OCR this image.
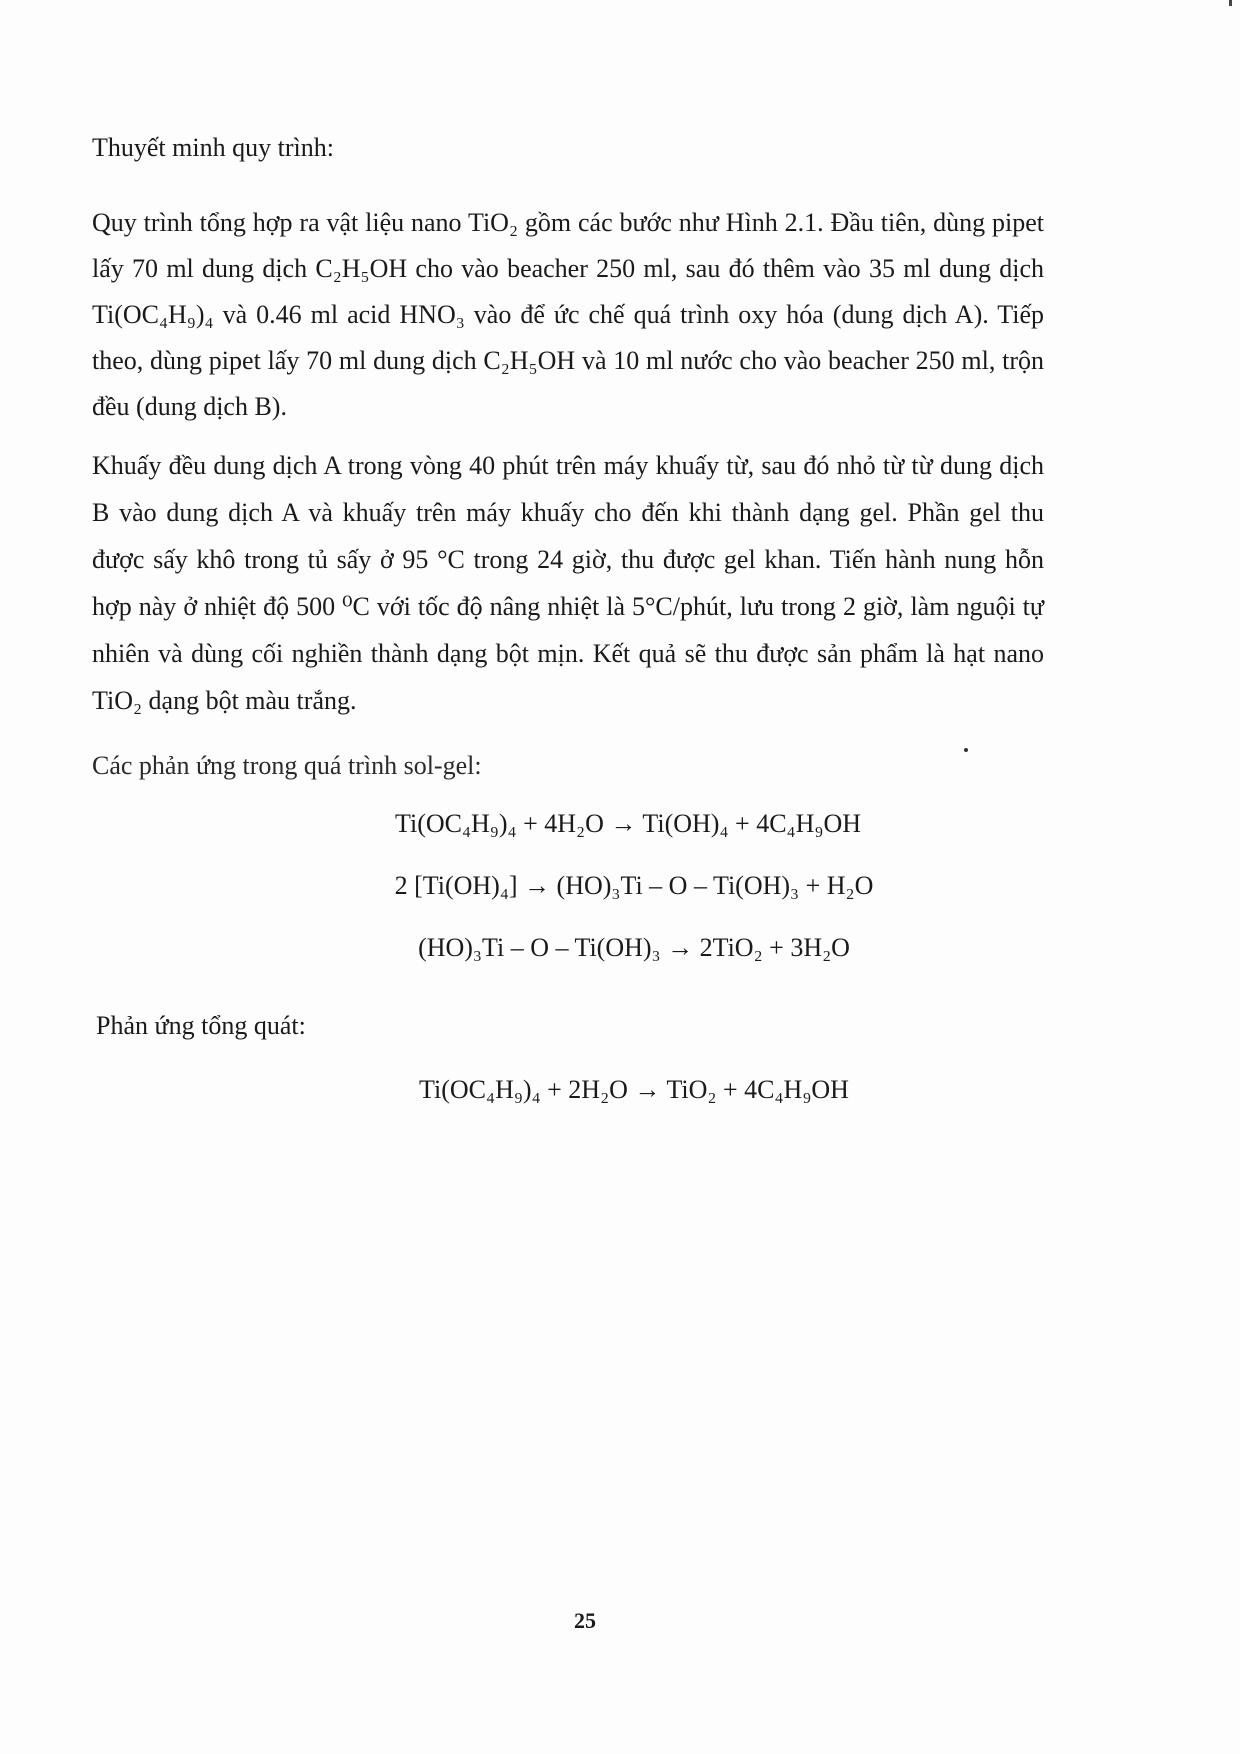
Thuyết minh quy trình:
Quy trình tổng hợp ra vật liệu nano TiO₂ gồm các bước như Hình 2.1. Đầu tiên, dùng pipet lấy 70 ml dung dịch C₂H₅OH cho vào beacher 250 ml, sau đó thêm vào 35 ml dung dịch Ti(OC₄H₉)₄ và 0.46 ml acid HNO₃ vào để ức chế quá trình oxy hóa (dung dịch A). Tiếp theo, dùng pipet lấy 70 ml dung dịch C₂H₅OH và 10 ml nước cho vào beacher 250 ml, trộn đều (dung dịch B).
Khuấy đều dung dịch A trong vòng 40 phút trên máy khuấy từ, sau đó nhỏ từ từ dung dịch B vào dung dịch A và khuấy trên máy khuấy cho đến khi thành dạng gel. Phần gel thu được sấy khô trong tủ sấy ở 95 °C trong 24 giờ, thu được gel khan. Tiến hành nung hỗn hợp này ở nhiệt độ 500 ⁰C với tốc độ nâng nhiệt là 5°C/phút, lưu trong 2 giờ, làm nguội tự nhiên và dùng cối nghiền thành dạng bột mịn. Kết quả sẽ thu được sản phẩm là hạt nano TiO₂ dạng bột màu trắng.
Các phản ứng trong quá trình sol-gel:
Ti(OC₄H₉)₄ + 4H₂O → Ti(OH)₄ + 4C₄H₉OH
2 [Ti(OH)₄] → (HO)₃Ti – O – Ti(OH)₃ + H₂O
(HO)₃Ti – O – Ti(OH)₃ → 2TiO₂ + 3H₂O
Phản ứng tổng quát:
Ti(OC₄H₉)₄ + 2H₂O → TiO₂ + 4C₄H₉OH
25
